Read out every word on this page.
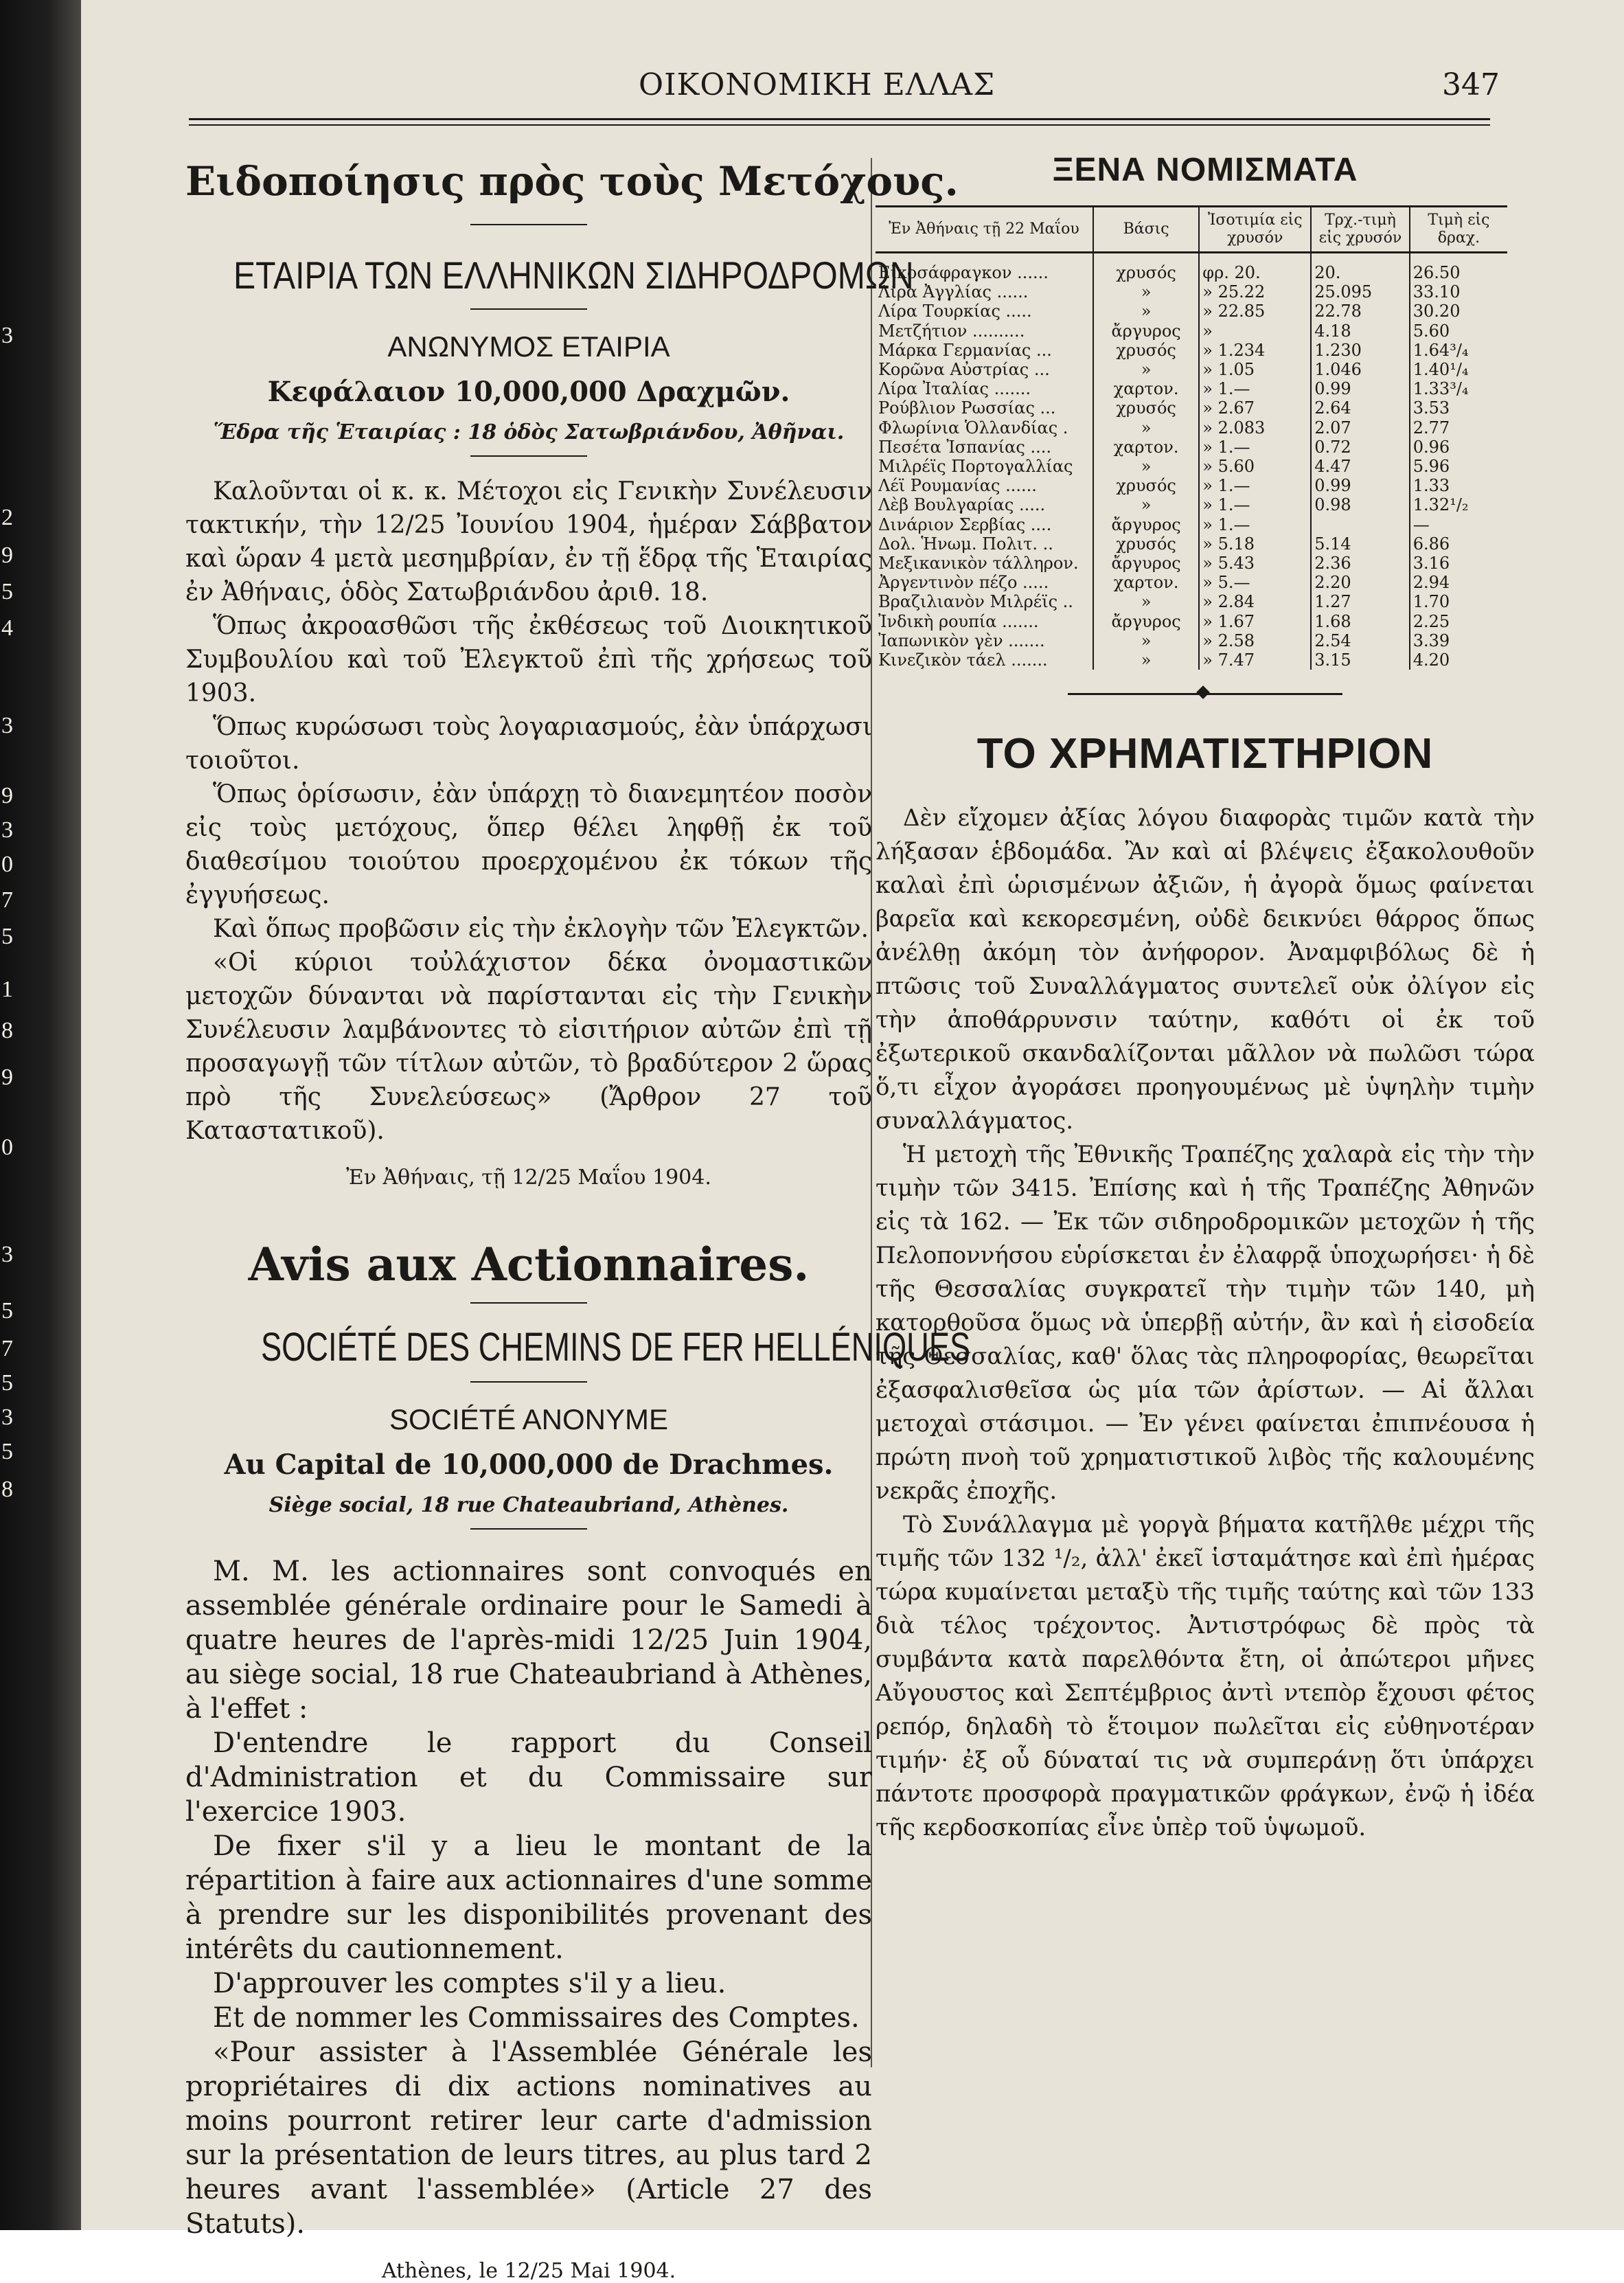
3
2
9
5
4
3
9
3
0
7
5
1
8
9
0
3
5
7
5
3
5
8
ΟΙΚΟΝΟΜΙΚΗ ΕΛΛΑΣ	347
Ειδοποίησις πρὸς τοὺς Μετόχους.
ΕΤΑΙΡΙΑ ΤΩΝ ΕΛΛΗΝΙΚΩΝ ΣΙΔΗΡΟΔΡΟΜΩΝ
ΑΝΩΝΥΜΟΣ ΕΤΑΙΡΙΑ
Κεφάλαιον 10,000,000 Δραχμῶν.
Ἕδρα τῆς Ἑταιρίας : 18 ὁδὸς Σατωβριάνδου, Ἀθῆναι.

Καλοῦνται οἱ κ. κ. Μέτοχοι εἰς Γενικὴν Συνέλευσιν τακτικήν, τὴν 12/25 Ἰουνίου 1904, ἡμέραν Σάββατον καὶ ὥραν 4 μετὰ μεσημβρίαν, ἐν τῇ ἕδρᾳ τῆς Ἑταιρίας ἐν Ἀθήναις, ὁδὸς Σατωβριάνδου ἀριθ. 18.

Ὅπως ἀκροασθῶσι τῆς ἐκθέσεως τοῦ Διοικητικοῦ Συμβουλίου καὶ τοῦ Ἐλεγκτοῦ ἐπὶ τῆς χρήσεως τοῦ 1903.

Ὅπως κυρώσωσι τοὺς λογαριασμούς, ἐὰν ὑπάρχωσι τοιοῦτοι.

Ὅπως ὁρίσωσιν, ἐὰν ὑπάρχῃ τὸ διανεμητέον ποσὸν εἰς τοὺς μετόχους, ὅπερ θέλει ληφθῇ ἐκ τοῦ διαθεσίμου τοιούτου προερχομένου ἐκ τόκων τῆς ἐγγυήσεως.

Καὶ ὅπως προβῶσιν εἰς τὴν ἐκλογὴν τῶν Ἐλεγκτῶν.

«Οἱ κύριοι τοὐλάχιστον δέκα ὀνομαστικῶν μετοχῶν δύνανται νὰ παρίστανται εἰς τὴν Γενικὴν Συνέλευσιν λαμβάνοντες τὸ εἰσιτήριον αὐτῶν ἐπὶ τῇ προσαγωγῇ τῶν τίτλων αὐτῶν, τὸ βραδύτερον 2 ὥρας πρὸ τῆς Συνελεύσεως» (Ἄρθρον 27 τοῦ Καταστατικοῦ).

Ἐν Ἀθήναις, τῇ 12/25 Μαΐου 1904.
Avis aux Actionnaires.
SOCIÉTÉ DES CHEMINS DE FER HELLÉNIQUES
SOCIÉTÉ ANONYME
Au Capital de 10,000,000 de Drachmes.
Siège social, 18 rue Chateaubriand, Athènes.

M. M. les actionnaires sont convoqués en assemblée générale ordinaire pour le Samedi à quatre heures de l'après-midi 12/25 Juin 1904, au siège social, 18 rue Chateaubriand à Athènes, à l'effet :

D'entendre le rapport du Conseil d'Administration et du Commissaire sur l'exercice 1903.

De fixer s'il y a lieu le montant de la répartition à faire aux actionnaires d'une somme à prendre sur les disponibilités provenant des intérêts du cautionnement.

D'approuver les comptes s'il y a lieu.

Et de nommer les Commissaires des Comptes.

«Pour assister à l'Assemblée Générale les propriétaires di dix actions nominatives au moins pourront retirer leur carte d'admission sur la présentation de leurs titres, au plus tard 2 heures avant l'assemblée» (Article 27 des Statuts).

Athènes, le 12/25 Mai 1904.
ΞΕΝΑ ΝΟΜΙΣΜΑΤΑ
Ἐν Ἀθήναις τῇ 22 Μαΐου	Βάσις	Ἰσοτιμία εἰς χρυσόν	Τρχ.-τιμὴ εἰς χρυσόν	Τιμὴ εἰς δραχ.
Εἰκοσάφραγκον ......	χρυσός	φρ. 20.	20.	26.50
Λίρα Ἀγγλίας ......	»	» 25.22	25.095	33.10
Λίρα Τουρκίας .....	»	» 22.85	22.78	30.20
Μετζήτιον ..........	ἄργυρος	»	4.18	5.60
Μάρκα Γερμανίας ...	χρυσός	» 1.234	1.230	1.64³/₄
Κορῶνα Αὐστρίας ...	»	» 1.05	1.046	1.40¹/₄
Λίρα Ἰταλίας .......	χαρτον.	» 1.—	0.99	1.33³/₄
Ρούβλιον Ρωσσίας ...	χρυσός	» 2.67	2.64	3.53
Φλωρίνια Ὁλλανδίας .	»	» 2.083	2.07	2.77
Πεσέτα Ἰσπανίας ....	χαρτον.	» 1.—	0.72	0.96
Μιλρέϊς Πορτογαλλίας	»	» 5.60	4.47	5.96
Λέϊ Ρουμανίας ......	χρυσός	» 1.—	0.99	1.33
Λὲβ Βουλγαρίας .....	»	» 1.—	0.98	1.32¹/₂
Δινάριον Σερβίας ....	ἄργυρος	» 1.—		—
Δολ. Ἡνωμ. Πολιτ. ..	χρυσός	» 5.18	5.14	6.86
Μεξικανικὸν τάλληρον.	ἄργυρος	» 5.43	2.36	3.16
Ἀργεντινὸν πέζο .....	χαρτον.	» 5.—	2.20	2.94
Βραζιλιανὸν Μιλρέϊς ..	»	» 2.84	1.27	1.70
Ἰνδικὴ ρουπία .......	ἄργυρος	» 1.67	1.68	2.25
Ἰαπωνικὸν γὲν .......	»	» 2.58	2.54	3.39
Κινεζικὸν τάελ .......	»	» 7.47	3.15	4.20
ΤΟ ΧΡΗΜΑΤΙΣΤΗΡΙΟΝ

Δὲν εἴχομεν ἀξίας λόγου διαφορὰς τιμῶν κατὰ τὴν λήξασαν ἑβδομάδα. Ἂν καὶ αἱ βλέψεις ἐξακολουθοῦν καλαὶ ἐπὶ ὡρισμένων ἀξιῶν, ἡ ἀγορὰ ὅμως φαίνεται βαρεῖα καὶ κεκορεσμένη, οὐδὲ δεικνύει θάρρος ὅπως ἀνέλθῃ ἀκόμη τὸν ἀνήφορον. Ἀναμφιβόλως δὲ ἡ πτῶσις τοῦ Συναλλάγματος συντελεῖ οὐκ ὀλίγον εἰς τὴν ἀποθάρρυνσιν ταύτην, καθότι οἱ ἐκ τοῦ ἐξωτερικοῦ σκανδαλίζονται μᾶλλον νὰ πωλῶσι τώρα ὅ,τι εἶχον ἀγοράσει προηγουμένως μὲ ὑψηλὴν τιμὴν συναλλάγματος.

Ἡ μετοχὴ τῆς Ἐθνικῆς Τραπέζης χαλαρὰ εἰς τὴν τὴν τιμὴν τῶν 3415. Ἐπίσης καὶ ἡ τῆς Τραπέζης Ἀθηνῶν εἰς τὰ 162. — Ἐκ τῶν σιδηροδρομικῶν μετοχῶν ἡ τῆς Πελοποννήσου εὑρίσκεται ἐν ἐλαφρᾷ ὑποχωρήσει· ἡ δὲ τῆς Θεσσαλίας συγκρατεῖ τὴν τιμὴν τῶν 140, μὴ κατορθοῦσα ὅμως νὰ ὑπερβῇ αὐτήν, ἂν καὶ ἡ εἰσοδεία τῆς Θεσσαλίας, καθ' ὅλας τὰς πληροφορίας, θεωρεῖται ἐξασφαλισθεῖσα ὡς μία τῶν ἀρίστων. — Αἱ ἄλλαι μετοχαὶ στάσιμοι. — Ἐν γένει φαίνεται ἐπιπνέουσα ἡ πρώτη πνοὴ τοῦ χρηματιστικοῦ λιβὸς τῆς καλουμένης νεκρᾶς ἐποχῆς.

Τὸ Συνάλλαγμα μὲ γοργὰ βήματα κατῆλθε μέχρι τῆς τιμῆς τῶν 132 ¹/₂, ἀλλ' ἐκεῖ ἱσταμάτησε καὶ ἐπὶ ἡμέρας τώρα κυμαίνεται μεταξὺ τῆς τιμῆς ταύτης καὶ τῶν 133 διὰ τέλος τρέχοντος. Ἀντιστρόφως δὲ πρὸς τὰ συμβάντα κατὰ παρελθόντα ἔτη, οἱ ἀπώτεροι μῆνες Αὔγουστος καὶ Σεπτέμβριος ἀντὶ ντεπὸρ ἔχουσι φέτος ρεπόρ, δηλαδὴ τὸ ἕτοιμον πωλεῖται εἰς εὐθηνοτέραν τιμήν· ἐξ οὗ δύναταί τις νὰ συμπεράνῃ ὅτι ὑπάρχει πάντοτε προσφορὰ πραγματικῶν φράγκων, ἐνῷ ἡ ἰδέα τῆς κερδοσκοπίας εἶνε ὑπὲρ τοῦ ὑψωμοῦ.
